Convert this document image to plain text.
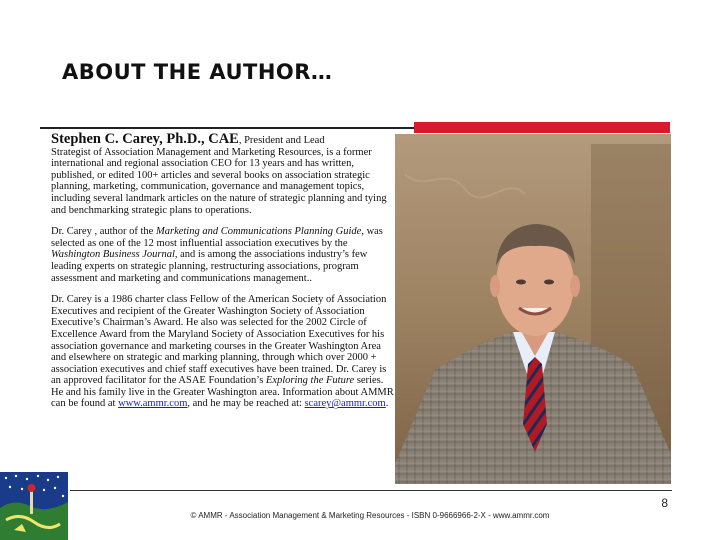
ABOUT THE AUTHOR…

Stephen C. Carey, Ph.D., CAE, President and Lead
Strategist of Association Management and Marketing Resources, is a former international and regional association CEO for 13 years and has written, published, or edited 100+ articles and several books on association strategic planning, marketing, communication, governance and management topics, including several landmark articles on the nature of strategic planning and tying and benchmarking strategic plans to operations.

Dr. Carey , author of the Marketing and Communications Planning Guide, was selected as one of the 12 most influential association executives by the Washington Business Journal, and is among the associations industry’s few leading experts on strategic planning, restructuring associations, program assessment and marketing and communications management..

Dr. Carey is a 1986 charter class Fellow of the American Society of Association Executives and recipient of the Greater Washington Society of Association Executive’s Chairman’s Award. He also was selected for the 2002 Circle of Excellence Award from the Maryland Society of Association Executives for his association governance and marketing courses in the Greater Washington Area and elsewhere on strategic and marking planning, through which over 2000 + association executives and chief staff executives have been trained. Dr. Carey is an approved facilitator for the ASAE Foundation’s Exploring the Future series. He and his family live in the Greater Washington area. Information about AMMR can be found at www.ammr.com, and he may be reached at: scarey@ammr.com.

8
© AMMR - Association Management & Marketing Resources - ISBN 0-9666966-2-X - www.ammr.com
